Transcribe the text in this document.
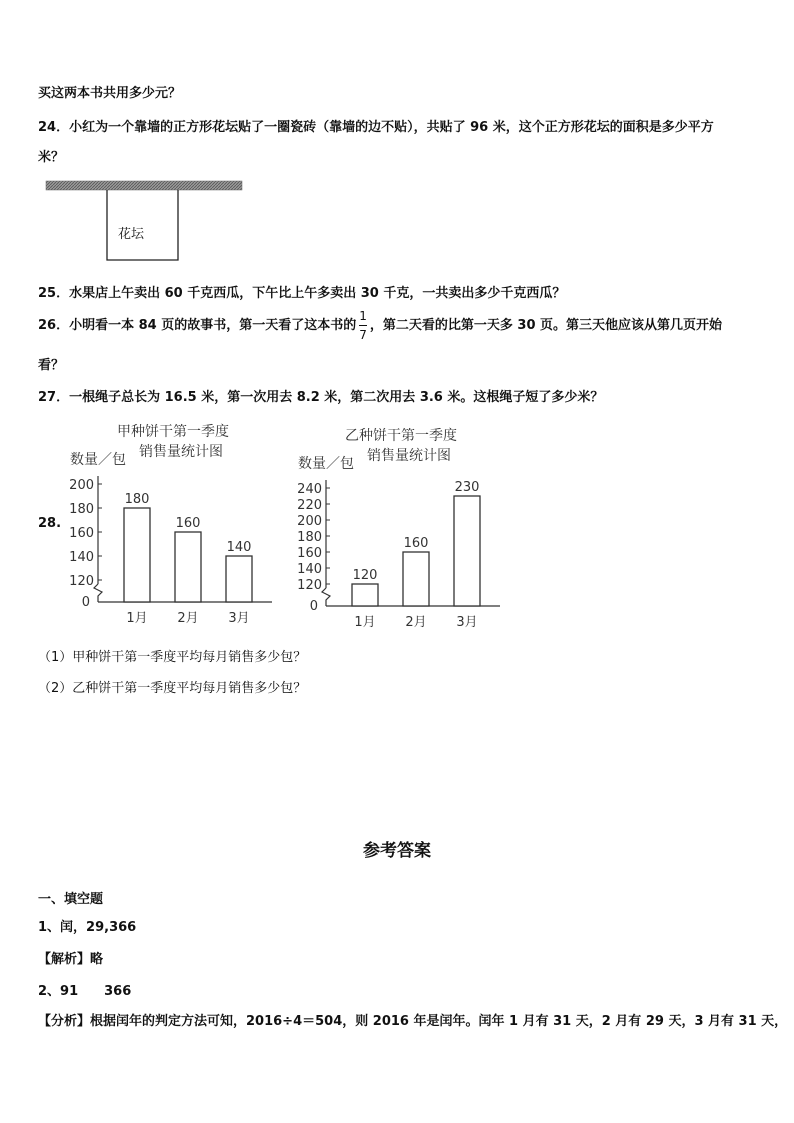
买这两本书共用多少元？
24．小红为一个靠墙的正方形花坛贴了一圈瓷砖（靠墙的边不贴），共贴了 96 米，这个正方形花坛的面积是多少平方
米？
花坛
25．水果店上午卖出 60 千克西瓜，下午比上午多卖出 30 千克，一共卖出多少千克西瓜？
26．小明看一本 84 页的故事书，第一天看了这本书的 $\frac{1}{7}$ ，第二天看的比第一天多 30 页。第三天他应该从第几页开始
看？
27．一根绳子总长为 16.5 米，第一次用去 8.2 米，第二次用去 3.6 米。这根绳子短了多少米？
28.
甲种饼干第一季度
销售量统计图
数量／包
0
120
140
160
180
200
180
1月
160
2月
140
3月
乙种饼干第一季度
销售量统计图
数量／包
0
120
140
160
180
200
220
240
120
1月
160
2月
230
3月
（1）甲种饼干第一季度平均每月销售多少包？
（2）乙种饼干第一季度平均每月销售多少包？
参考答案
一、填空题
1、闰，29,366
【解析】略
2、91　　366
【分析】根据闰年的判定方法可知，2016÷4＝504，则 2016 年是闰年。闰年 1 月有 31 天，2 月有 29 天，3 月有 31 天，
